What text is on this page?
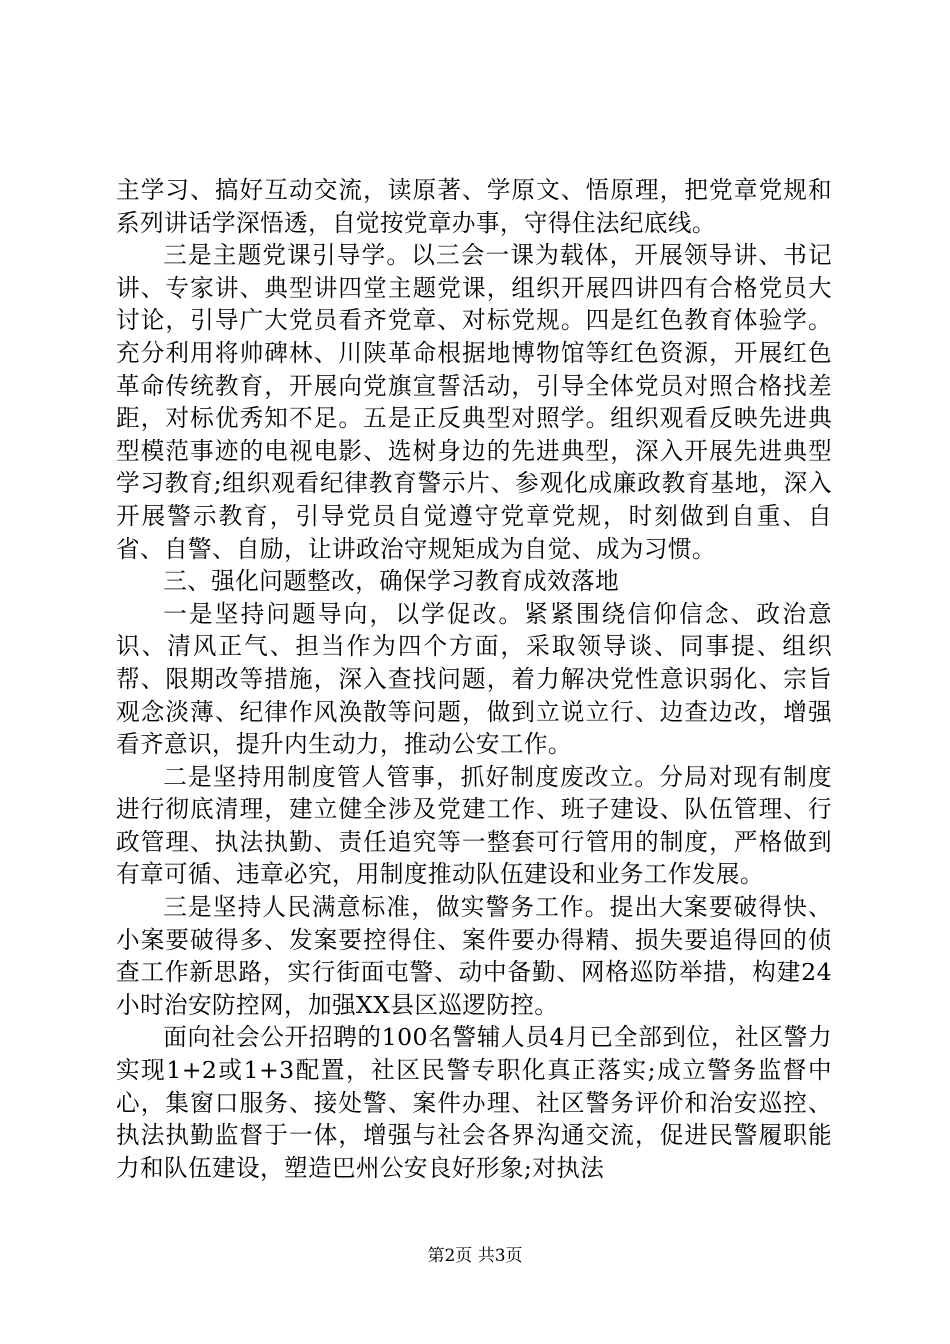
主学习、搞好互动交流，读原著、学原文、悟原理，把党章党规和系列讲话学深悟透，自觉按党章办事，守得住法纪底线。

三是主题党课引导学。以三会一课为载体，开展领导讲、书记讲、专家讲、典型讲四堂主题党课，组织开展四讲四有合格党员大讨论，引导广大党员看齐党章、对标党规。四是红色教育体验学。充分利用将帅碑林、川陕革命根据地博物馆等红色资源，开展红色革命传统教育，开展向党旗宣誓活动，引导全体党员对照合格找差距，对标优秀知不足。五是正反典型对照学。组织观看反映先进典型模范事迹的电视电影、选树身边的先进典型，深入开展先进典型学习教育;组织观看纪律教育警示片、参观化成廉政教育基地，深入开展警示教育，引导党员自觉遵守党章党规，时刻做到自重、自省、自警、自励，让讲政治守规矩成为自觉、成为习惯。

三、强化问题整改，确保学习教育成效落地

一是坚持问题导向，以学促改。紧紧围绕信仰信念、政治意识、清风正气、担当作为四个方面，采取领导谈、同事提、组织帮、限期改等措施，深入查找问题，着力解决党性意识弱化、宗旨观念淡薄、纪律作风涣散等问题，做到立说立行、边查边改，增强看齐意识，提升内生动力，推动公安工作。

二是坚持用制度管人管事，抓好制度废改立。分局对现有制度进行彻底清理，建立健全涉及党建工作、班子建设、队伍管理、行政管理、执法执勤、责任追究等一整套可行管用的制度，严格做到有章可循、违章必究，用制度推动队伍建设和业务工作发展。

三是坚持人民满意标准，做实警务工作。提出大案要破得快、小案要破得多、发案要控得住、案件要办得精、损失要追得回的侦查工作新思路，实行街面屯警、动中备勤、网格巡防举措，构建24小时治安防控网，加强XX县区巡逻防控。

面向社会公开招聘的100名警辅人员4月已全部到位，社区警力实现1+2或1+3配置，社区民警专职化真正落实;成立警务监督中心，集窗口服务、接处警、案件办理、社区警务评价和治安巡控、执法执勤监督于一体，增强与社会各界沟通交流，促进民警履职能力和队伍建设，塑造巴州公安良好形象;对执法

第2页 共3页
